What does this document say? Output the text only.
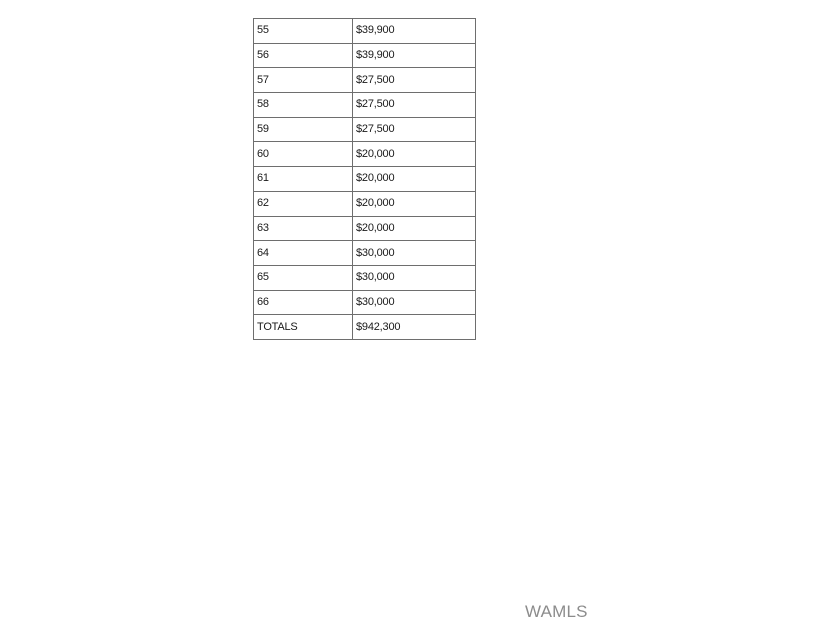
55	$39,900
56	$39,900
57	$27,500
58	$27,500
59	$27,500
60	$20,000
61	$20,000
62	$20,000
63	$20,000
64	$30,000
65	$30,000
66	$30,000
TOTALS	$942,300
WAMLS
